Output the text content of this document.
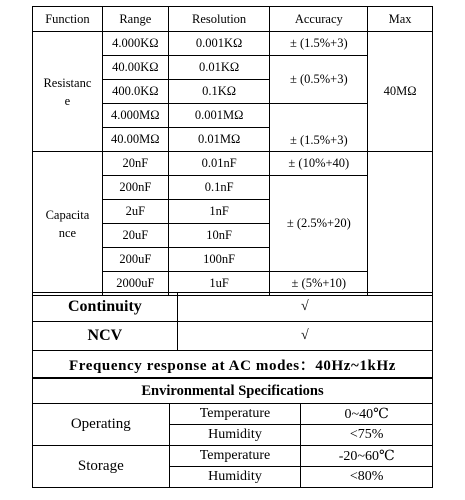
Function	Range	Resolution	Accuracy	Max
Resistanc
e	4.000KΩ	0.001KΩ	± (1.5%+3)	40MΩ
	40.00KΩ	0.01KΩ	± (0.5%+3)	
	400.0KΩ	0.1KΩ		
	4.000MΩ	0.001MΩ	± (1.5%+3)	
	40.00MΩ	0.01MΩ		
Capacita
nce	20nF	0.01nF	± (10%+40)	
	200nF	0.1nF	± (2.5%+20)	
	2uF	1nF		
	20uF	10nF		
	200uF	100nF		
	2000uF	1uF	± (5%+10)	
Continuity	√
NCV	√
Frequency response at AC modes：40Hz~1kHz	
Environmental Specifications		
Operating	Temperature	0~40℃
	Humidity	<75%
Storage	Temperature	-20~60℃
	Humidity	<80%
